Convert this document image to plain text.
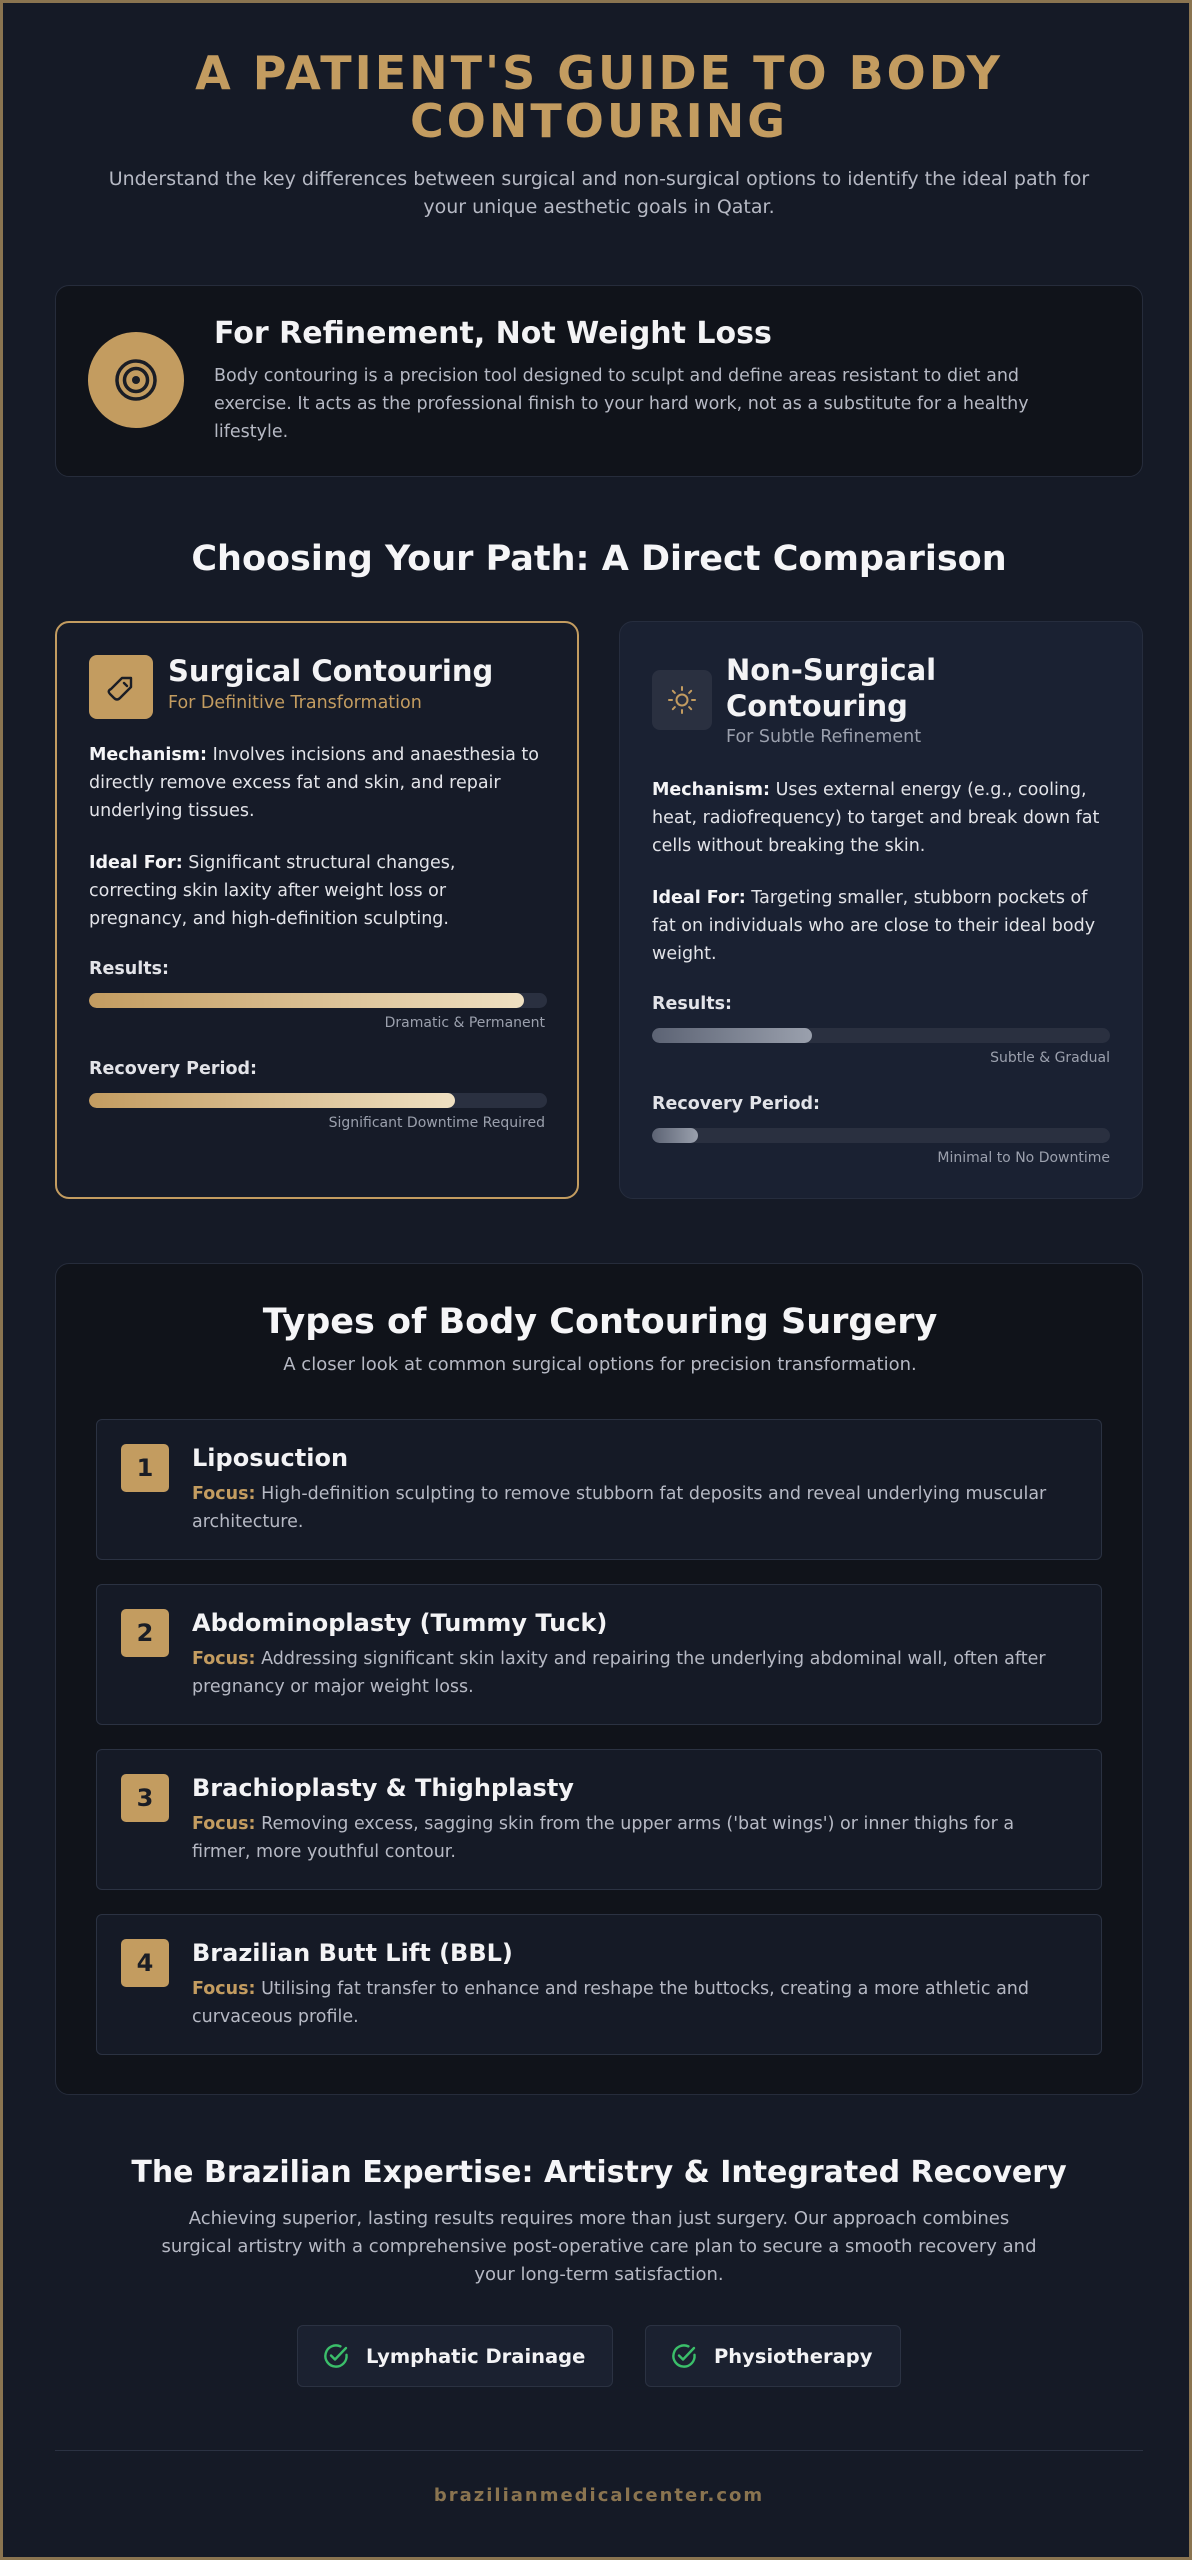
A PATIENT'S GUIDE TO BODY
CONTOURING

Understand the key differences between surgical and non-surgical options to identify the ideal path for your unique aesthetic goals in Qatar.

For Refinement, Not Weight Loss

Body contouring is a precision tool designed to sculpt and define areas resistant to diet and exercise. It acts as the professional finish to your hard work, not as a substitute for a healthy lifestyle.

Choosing Your Path: A Direct Comparison
Surgical Contouring
For Definitive Transformation

Mechanism: Involves incisions and anaesthesia to directly remove excess fat and skin, and repair underlying tissues.

Ideal For: Significant structural changes, correcting skin laxity after weight loss or pregnancy, and high-definition sculpting.

Results:
Dramatic & Permanent
Recovery Period:
Significant Downtime Required
Non-Surgical
Contouring
For Subtle Refinement

Mechanism: Uses external energy (e.g., cooling, heat, radiofrequency) to target and break down fat cells without breaking the skin.

Ideal For: Targeting smaller, stubborn pockets of fat on individuals who are close to their ideal body weight.

Results:
Subtle & Gradual
Recovery Period:
Minimal to No Downtime
Types of Body Contouring Surgery

A closer look at common surgical options for precision transformation.

1	Liposuction

Focus: High-definition sculpting to remove stubborn fat deposits and reveal underlying muscular architecture.

2	Abdominoplasty (Tummy Tuck)

Focus: Addressing significant skin laxity and repairing the underlying abdominal wall, often after pregnancy or major weight loss.

3	Brachioplasty & Thighplasty

Focus: Removing excess, sagging skin from the upper arms ('bat wings') or inner thighs for a firmer, more youthful contour.

4	Brazilian Butt Lift (BBL)

Focus: Utilising fat transfer to enhance and reshape the buttocks, creating a more athletic and curvaceous profile.

The Brazilian Expertise: Artistry & Integrated Recovery

Achieving superior, lasting results requires more than just surgery. Our approach combines surgical artistry with a comprehensive post-operative care plan to secure a smooth recovery and your long-term satisfaction.

Lymphatic Drainage	Physiotherapy
brazilianmedicalcenter.com
